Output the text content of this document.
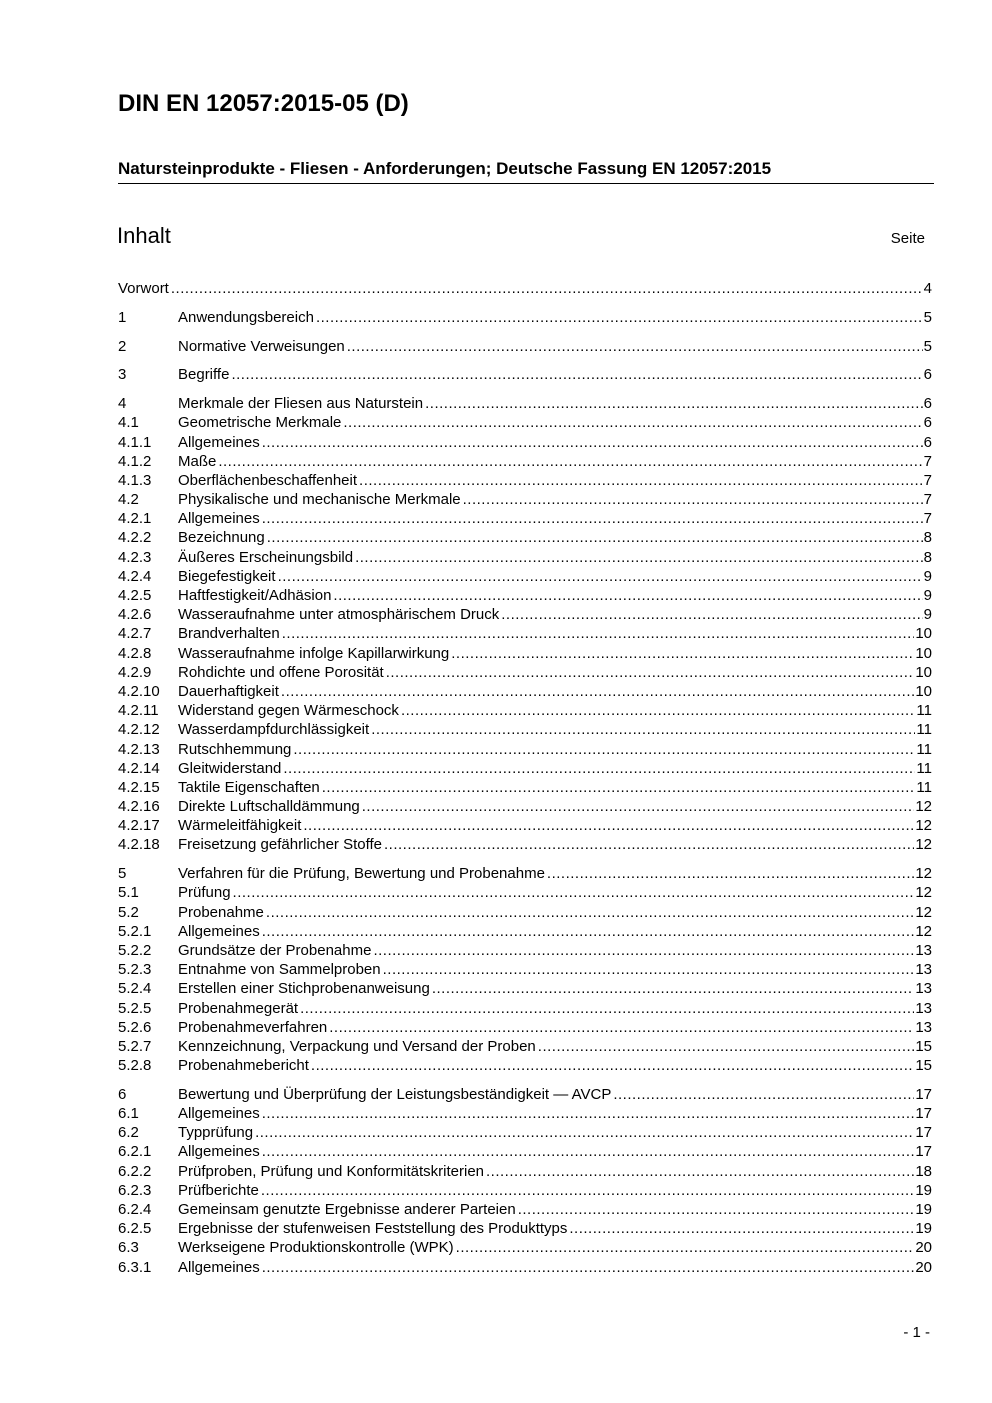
DIN EN 12057:2015-05 (D)
Natursteinprodukte - Fliesen - Anforderungen; Deutsche Fassung EN 12057:2015
Inhalt	Seite
Vorwort .....	4
1	Anwendungsbereich .....	5
2	Normative Verweisungen .....	5
3	Begriffe .....	6
4	Merkmale der Fliesen aus Naturstein .....	6
4.1	Geometrische Merkmale .....	6
4.1.1	Allgemeines .....	6
4.1.2	Maße .....	7
4.1.3	Oberflächenbeschaffenheit .....	7
4.2	Physikalische und mechanische Merkmale .....	7
4.2.1	Allgemeines .....	7
4.2.2	Bezeichnung .....	8
4.2.3	Äußeres Erscheinungsbild .....	8
4.2.4	Biegefestigkeit .....	9
4.2.5	Haftfestigkeit/Adhäsion .....	9
4.2.6	Wasseraufnahme unter atmosphärischem Druck .....	9
4.2.7	Brandverhalten .....	10
4.2.8	Wasseraufnahme infolge Kapillarwirkung .....	10
4.2.9	Rohdichte und offene Porosität .....	10
4.2.10	Dauerhaftigkeit .....	10
4.2.11	Widerstand gegen Wärmeschock .....	11
4.2.12	Wasserdampfdurchlässigkeit .....	11
4.2.13	Rutschhemmung .....	11
4.2.14	Gleitwiderstand .....	11
4.2.15	Taktile Eigenschaften .....	11
4.2.16	Direkte Luftschalldämmung .....	12
4.2.17	Wärmeleitfähigkeit .....	12
4.2.18	Freisetzung gefährlicher Stoffe .....	12
5	Verfahren für die Prüfung, Bewertung und Probenahme .....	12
5.1	Prüfung .....	12
5.2	Probenahme .....	12
5.2.1	Allgemeines .....	12
5.2.2	Grundsätze der Probenahme .....	13
5.2.3	Entnahme von Sammelproben .....	13
5.2.4	Erstellen einer Stichprobenanweisung .....	13
5.2.5	Probenahmegerät .....	13
5.2.6	Probenahmeverfahren .....	13
5.2.7	Kennzeichnung, Verpackung und Versand der Proben .....	15
5.2.8	Probenahmebericht .....	15
6	Bewertung und Überprüfung der Leistungsbeständigkeit — AVCP .....	17
6.1	Allgemeines .....	17
6.2	Typprüfung .....	17
6.2.1	Allgemeines .....	17
6.2.2	Prüfproben, Prüfung und Konformitätskriterien .....	18
6.2.3	Prüfberichte .....	19
6.2.4	Gemeinsam genutzte Ergebnisse anderer Parteien .....	19
6.2.5	Ergebnisse der stufenweisen Feststellung des Produkttyps .....	19
6.3	Werkseigene Produktionskontrolle (WPK) .....	20
6.3.1	Allgemeines .....	20
- 1 -
